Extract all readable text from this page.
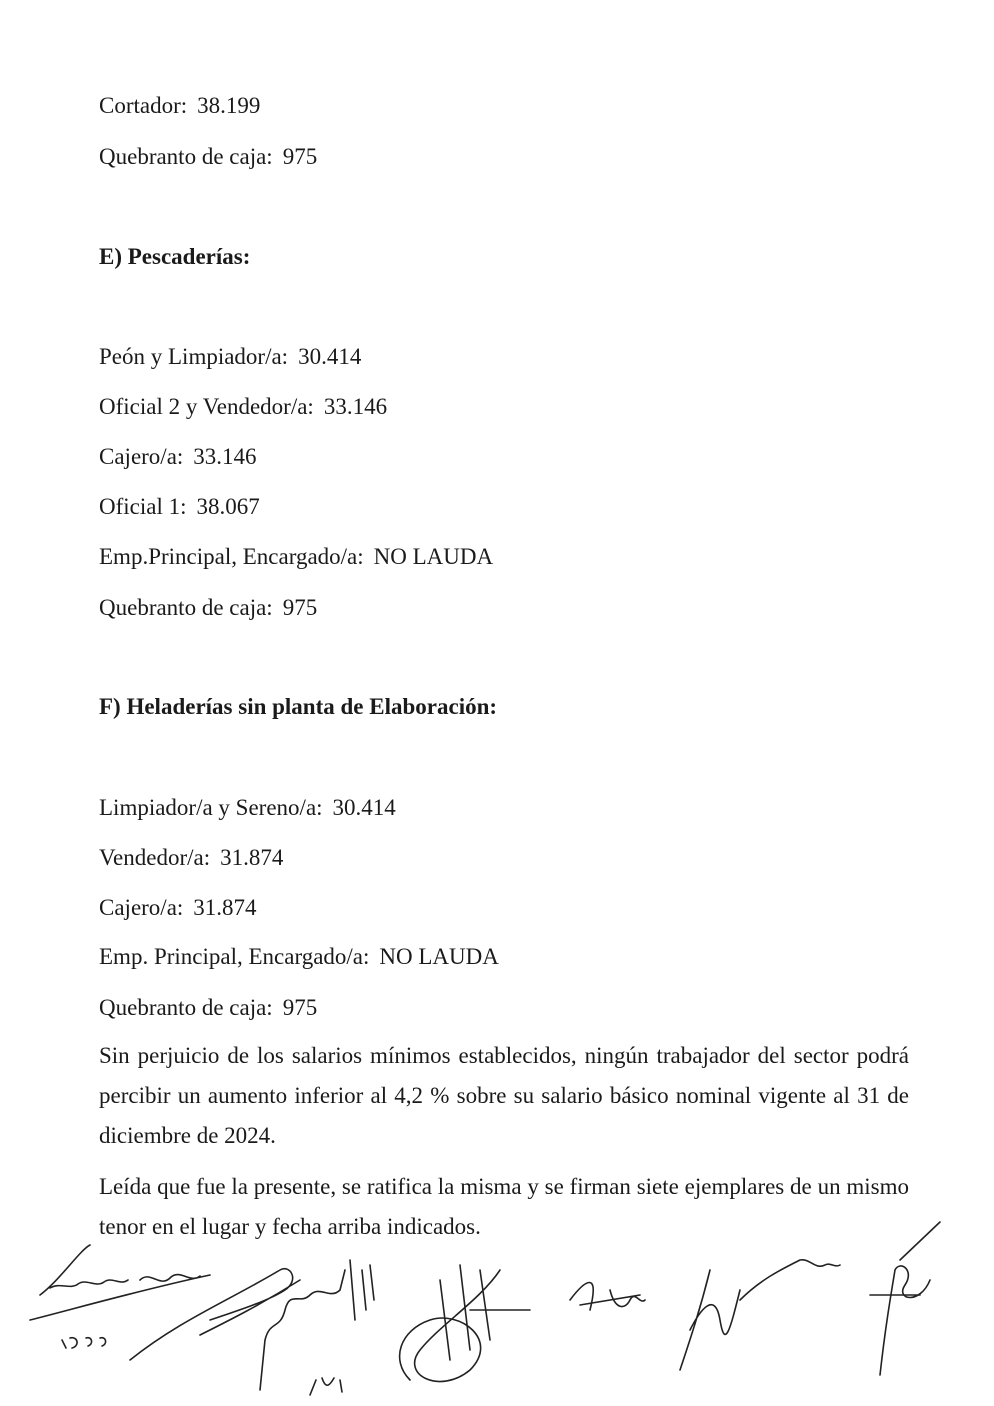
Cortador: 38.199

Quebranto de caja: 975

E) Pescaderías:

Peón y Limpiador/a: 30.414

Oficial 2 y Vendedor/a: 33.146

Cajero/a: 33.146

Oficial 1: 38.067

Emp.Principal, Encargado/a: NO LAUDA

Quebranto de caja: 975

F) Heladerías sin planta de Elaboración:

Limpiador/a y Sereno/a: 30.414

Vendedor/a: 31.874

Cajero/a: 31.874

Emp. Principal, Encargado/a: NO LAUDA

Quebranto de caja: 975

Sin perjuicio de los salarios mínimos establecidos, ningún trabajador del sector podrá percibir un aumento inferior al 4,2 % sobre su salario básico nominal vigente al 31 de diciembre de 2024.

Leída que fue la presente, se ratifica la misma y se firman siete ejemplares de un mismo tenor en el lugar y fecha arriba indicados.
